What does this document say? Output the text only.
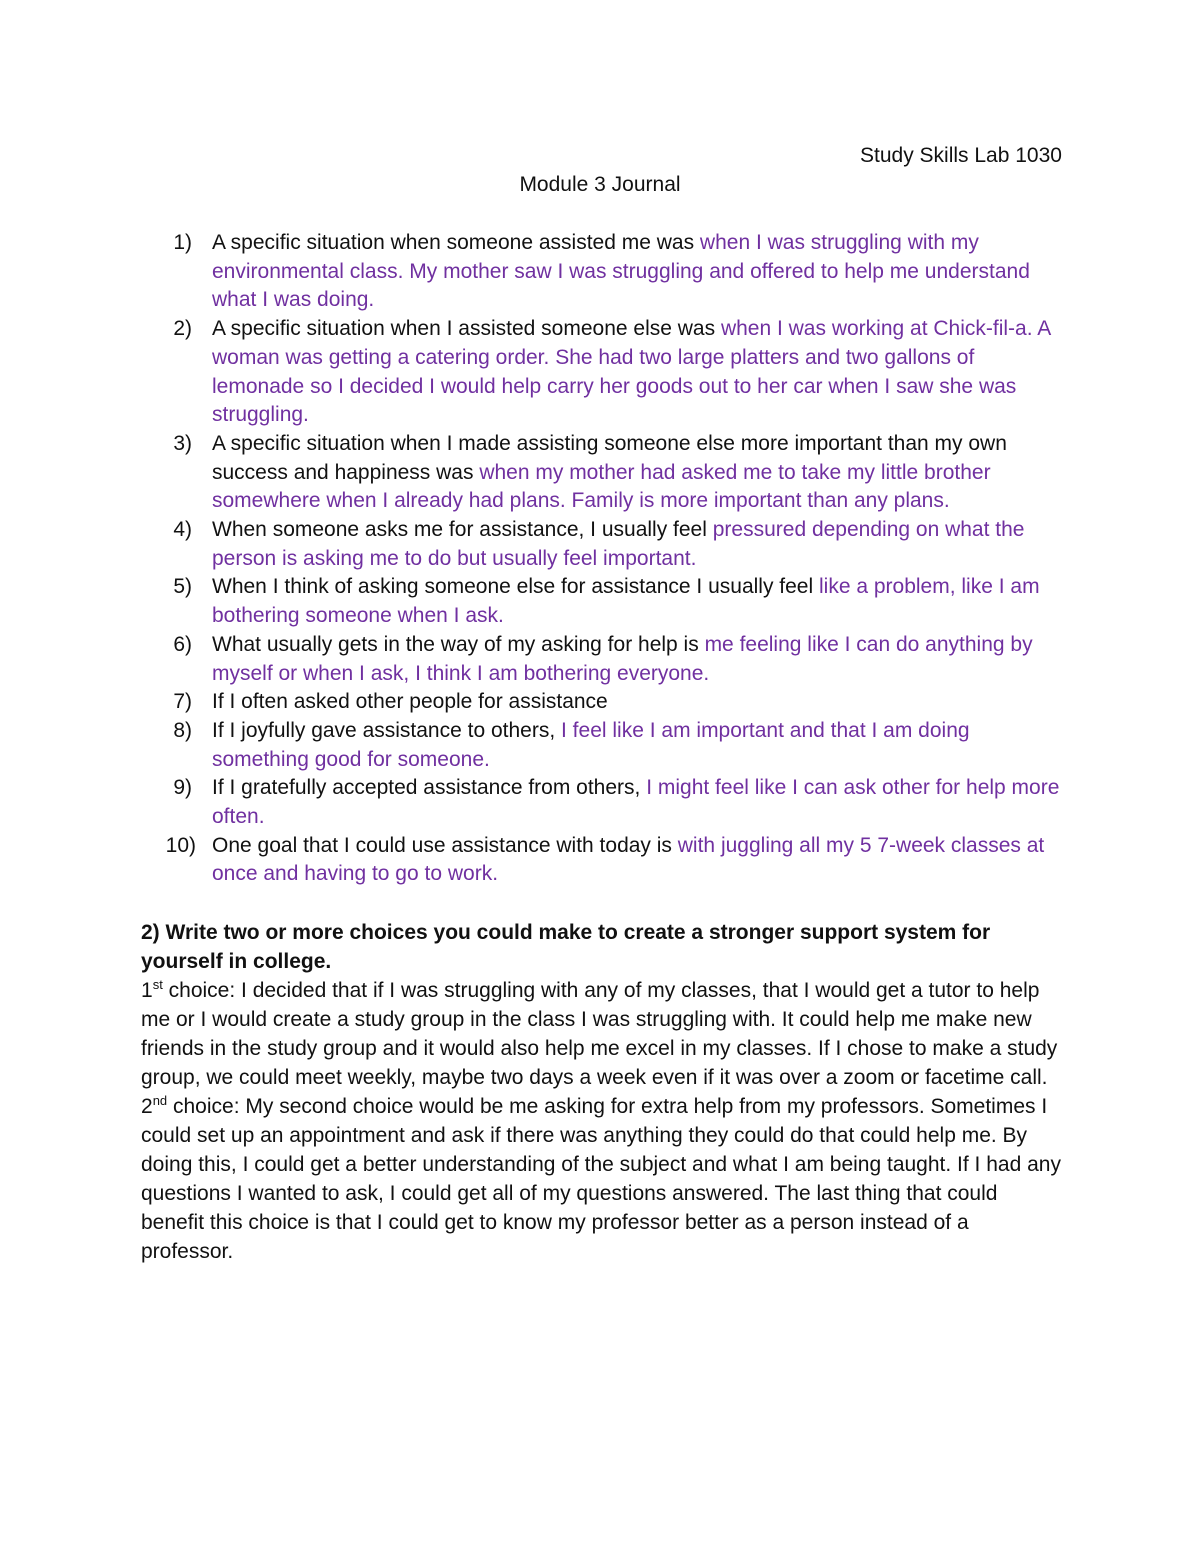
Study Skills Lab 1030
Module 3 Journal
1) A specific situation when someone assisted me was when I was struggling with my environmental class. My mother saw I was struggling and offered to help me understand what I was doing.
2) A specific situation when I assisted someone else was when I was working at Chick-fil-a. A woman was getting a catering order. She had two large platters and two gallons of lemonade so I decided I would help carry her goods out to her car when I saw she was struggling.
3) A specific situation when I made assisting someone else more important than my own success and happiness was when my mother had asked me to take my little brother somewhere when I already had plans. Family is more important than any plans.
4) When someone asks me for assistance, I usually feel pressured depending on what the person is asking me to do but usually feel important.
5) When I think of asking someone else for assistance I usually feel like a problem, like I am bothering someone when I ask.
6) What usually gets in the way of my asking for help is me feeling like I can do anything by myself or when I ask, I think I am bothering everyone.
7) If I often asked other people for assistance
8) If I joyfully gave assistance to others, I feel like I am important and that I am doing something good for someone.
9) If I gratefully accepted assistance from others, I might feel like I can ask other for help more often.
10) One goal that I could use assistance with today is with juggling all my 5 7-week classes at once and having to go to work.

2) Write two or more choices you could make to create a stronger support system for yourself in college.

1st choice: I decided that if I was struggling with any of my classes, that I would get a tutor to help me or I would create a study group in the class I was struggling with. It could help me make new friends in the study group and it would also help me excel in my classes. If I chose to make a study group, we could meet weekly, maybe two days a week even if it was over a zoom or facetime call.

2nd choice: My second choice would be me asking for extra help from my professors. Sometimes I could set up an appointment and ask if there was anything they could do that could help me. By doing this, I could get a better understanding of the subject and what I am being taught. If I had any questions I wanted to ask, I could get all of my questions answered. The last thing that could benefit this choice is that I could get to know my professor better as a person instead of a professor.
